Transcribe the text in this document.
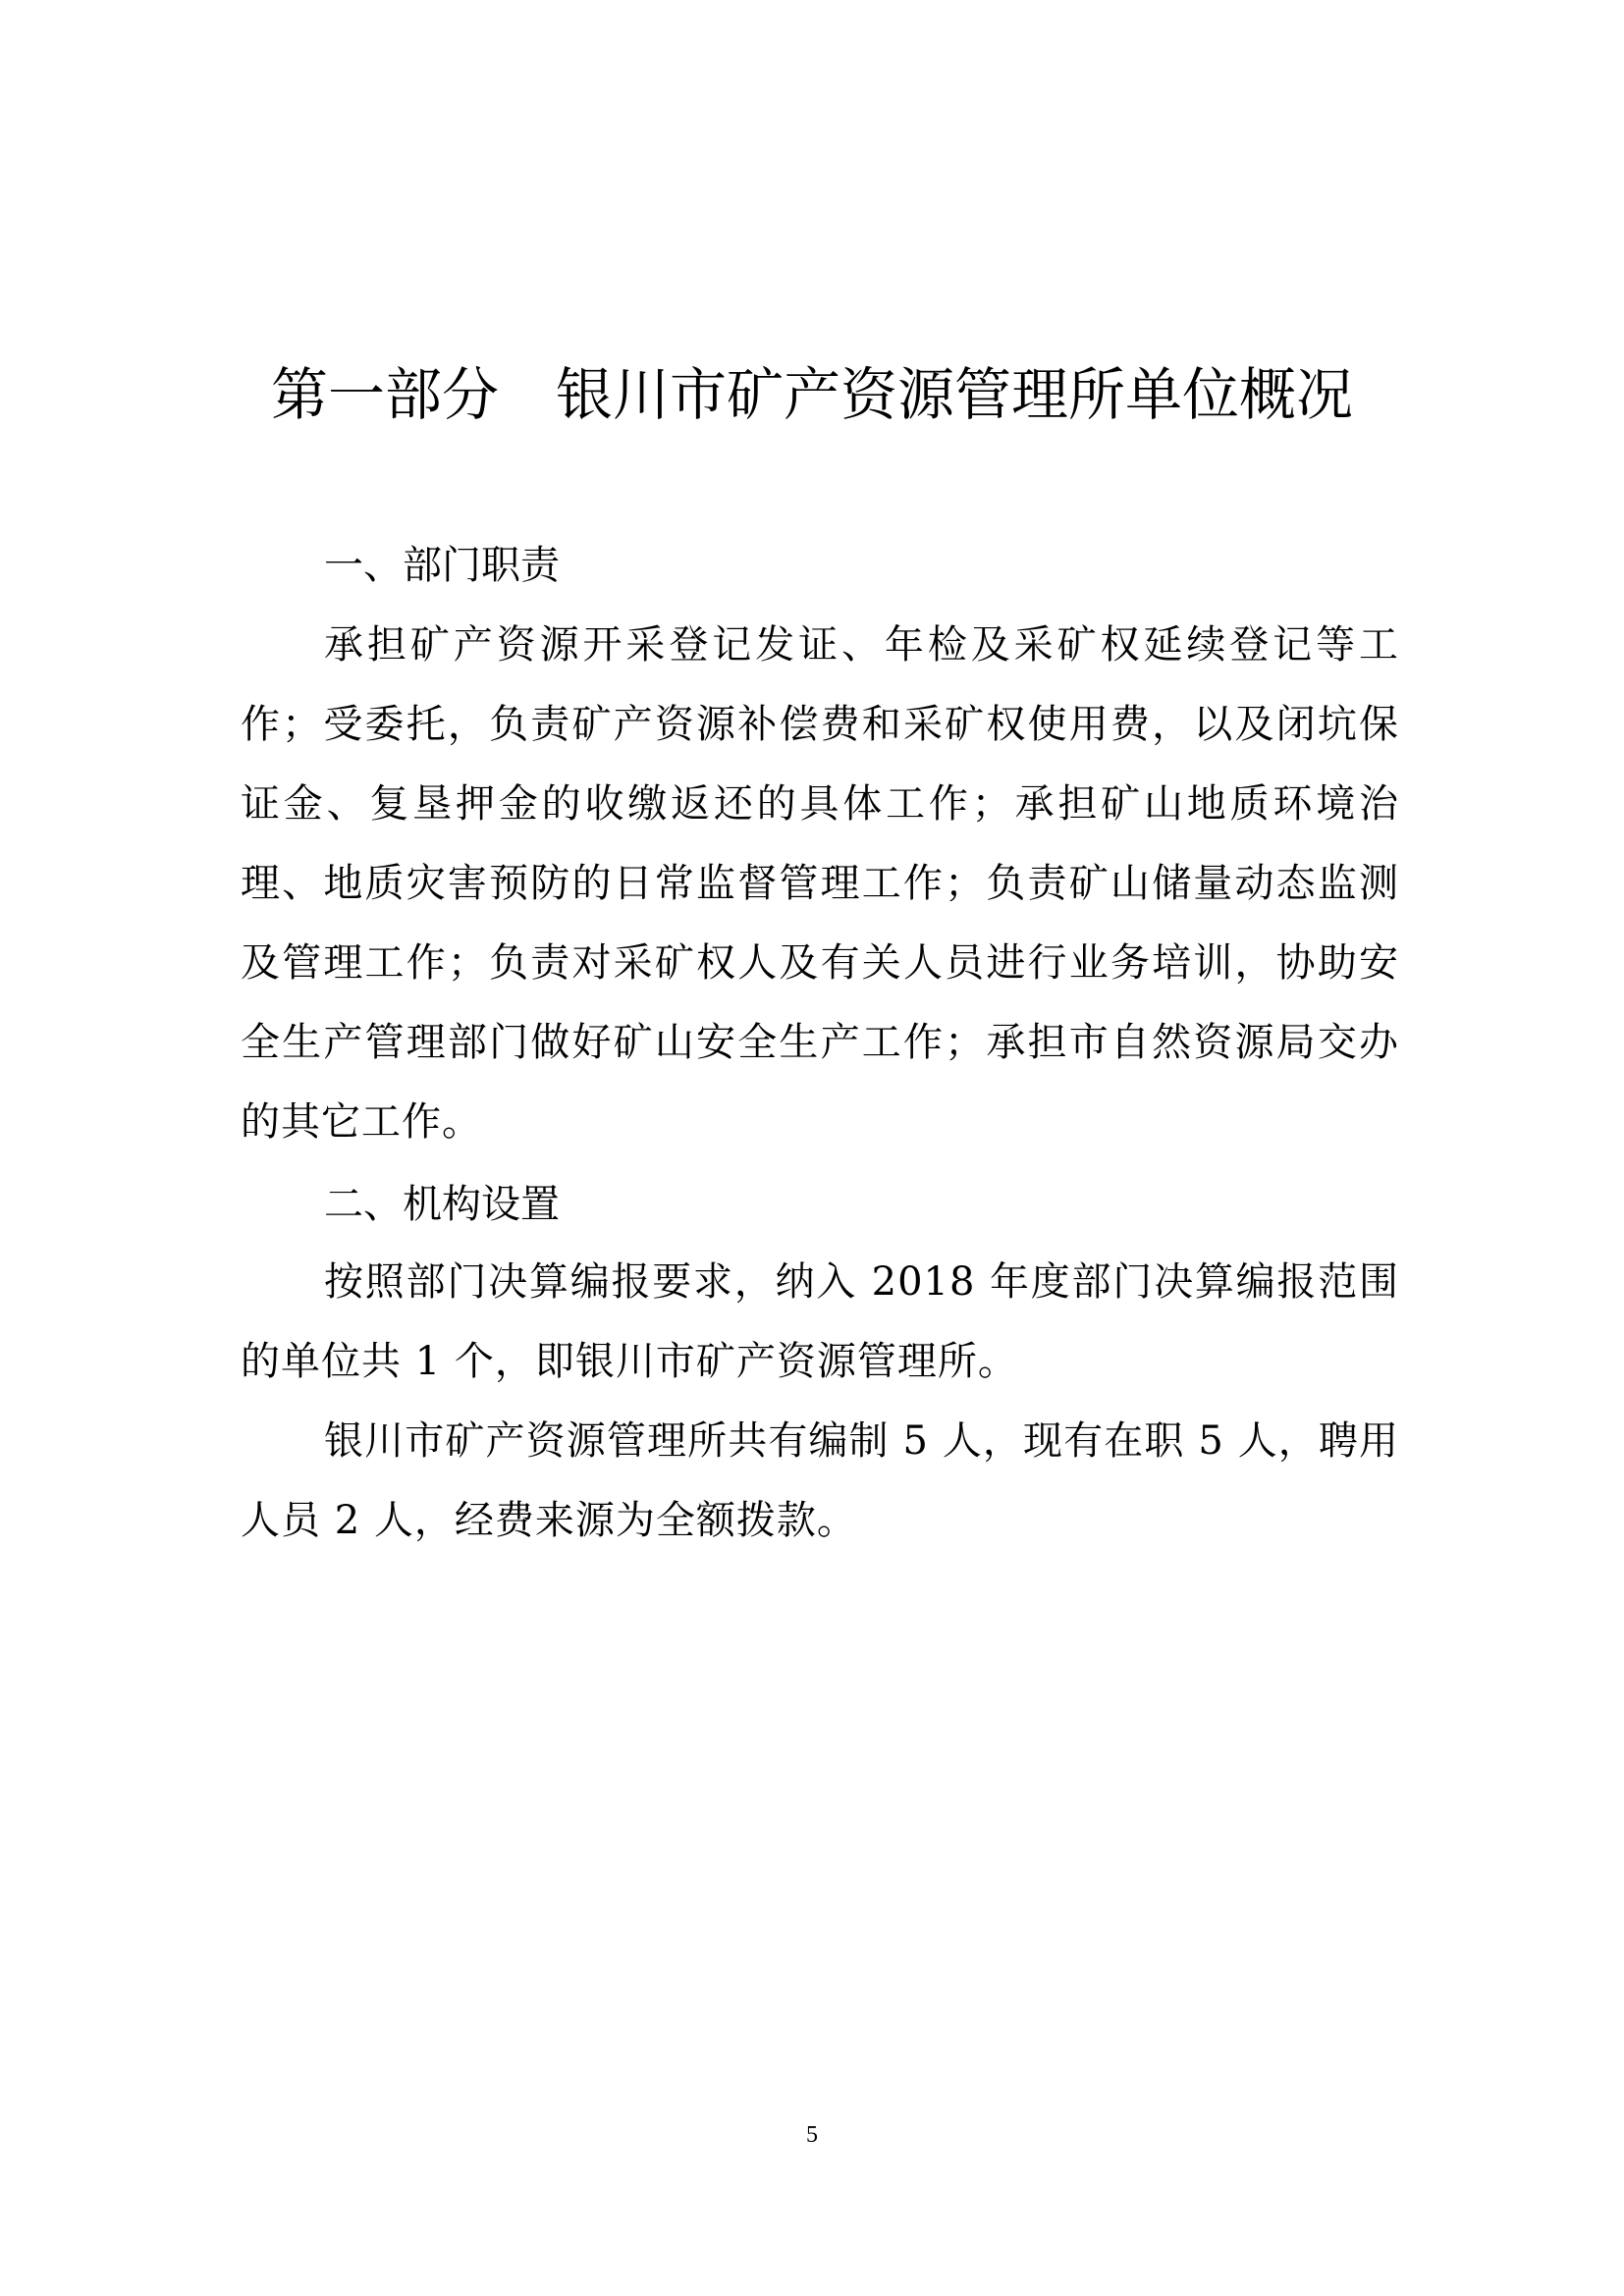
第一部分 银川市矿产资源管理所单位概况
一、部门职责

承担矿产资源开采登记发证、年检及采矿权延续登记等工作；受委托，负责矿产资源补偿费和采矿权使用费，以及闭坑保证金、复垦押金的收缴返还的具体工作；承担矿山地质环境治理、地质灾害预防的日常监督管理工作；负责矿山储量动态监测及管理工作；负责对采矿权人及有关人员进行业务培训，协助安全生产管理部门做好矿山安全生产工作；承担市自然资源局交办的其它工作。

二、机构设置

按照部门决算编报要求，纳入 2018 年度部门决算编报范围的单位共 1 个，即银川市矿产资源管理所。

银川市矿产资源管理所共有编制 5 人，现有在职 5 人，聘用人员 2 人，经费来源为全额拨款。

5
